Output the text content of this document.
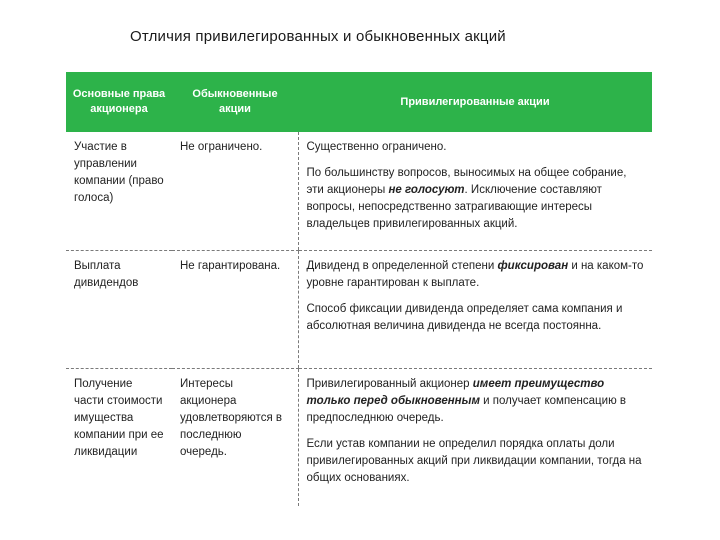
Отличия привилегированных и обыкновенных акций
Основные права акционера	Обыкновенные акции	Привилегированные акции
Участие в управлении компании (право голоса)	Не ограничено.	Существенно ограничено.
По большинству вопросов, выносимых на общее собрание, эти акционеры не голосуют. Исключение составляют вопросы, непосредственно затрагивающие интересы владельцев привилегированных акций.

Выплата дивидендов	Не гарантирована.	Дивиденд в определенной степени фиксирован и на каком-то уровне гарантирован к выплате.
Способ фиксации дивиденда определяет сама компания и абсолютная величина дивиденда не всегда постоянна.

Получение части стоимости имущества компании при ее ликвидации	Интересы акционера удовлетворяются в последнюю очередь.	Привилегированный акционер имеет преимущество только перед обыкновенным и получает компенсацию в предпоследнюю очередь.
Если устав компании не определил порядка оплаты доли привилегированных акций при ликвидации компании, тогда на общих основаниях.
